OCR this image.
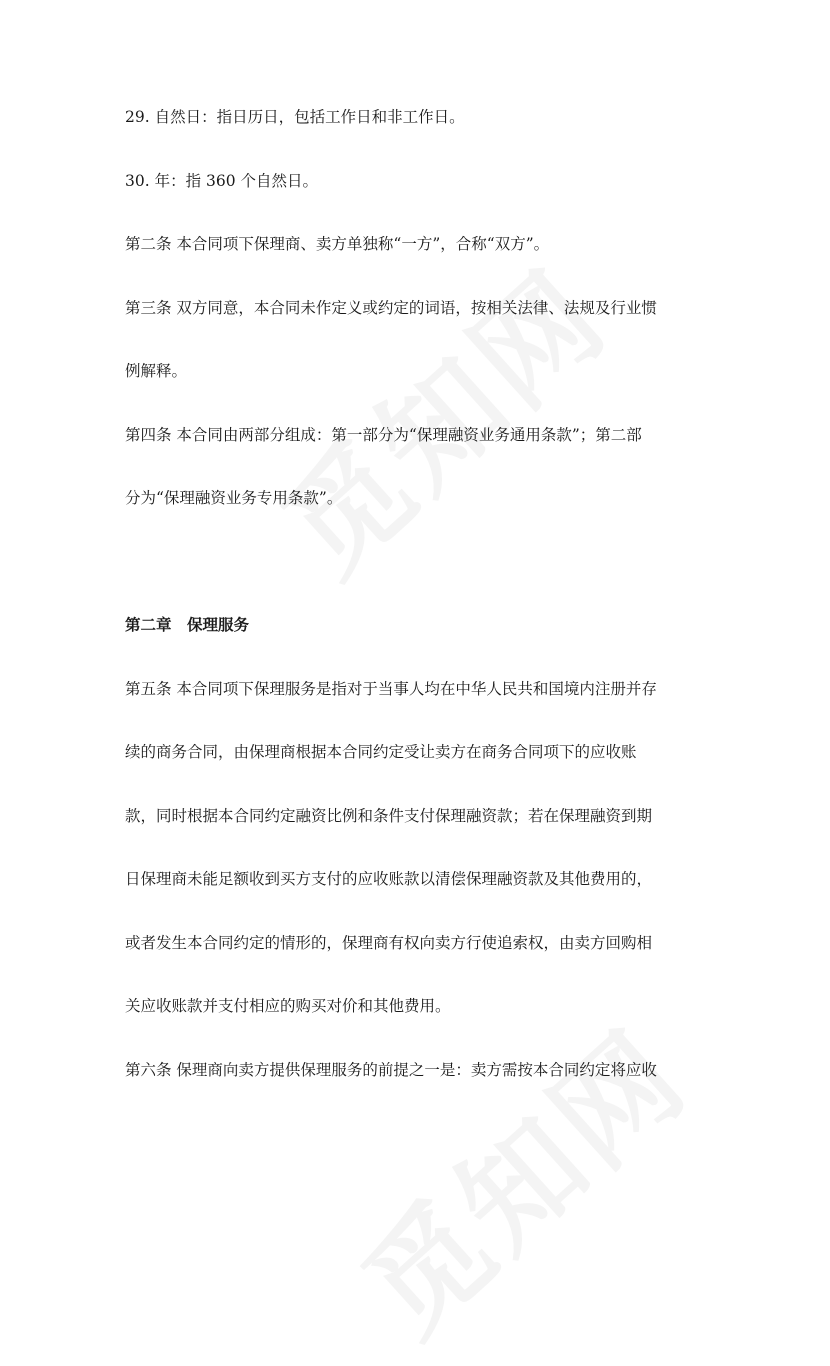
29. 自然日：指日历日，包括工作日和非工作日。
30. 年：指 360 个自然日。
第二条 本合同项下保理商、卖方单独称“一方”，合称“双方”。
第三条 双方同意，本合同未作定义或约定的词语，按相关法律、法规及行业惯
例解释。
第四条 本合同由两部分组成：第一部分为“保理融资业务通用条款”；第二部
分为“保理融资业务专用条款”。
第二章　保理服务
第五条 本合同项下保理服务是指对于当事人均在中华人民共和国境内注册并存
续的商务合同，由保理商根据本合同约定受让卖方在商务合同项下的应收账
款，同时根据本合同约定融资比例和条件支付保理融资款；若在保理融资到期
日保理商未能足额收到买方支付的应收账款以清偿保理融资款及其他费用的，
或者发生本合同约定的情形的，保理商有权向卖方行使追索权，由卖方回购相
关应收账款并支付相应的购买对价和其他费用。
第六条 保理商向卖方提供保理服务的前提之一是：卖方需按本合同约定将应收
